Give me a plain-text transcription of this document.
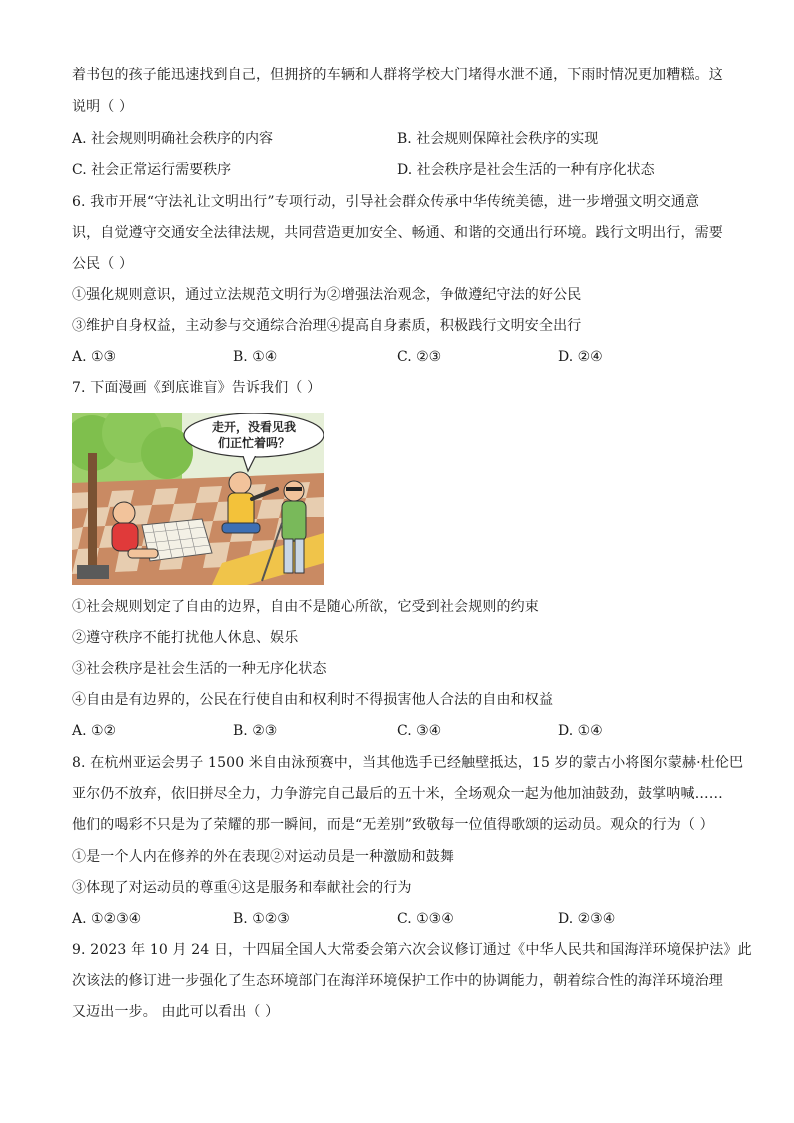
着书包的孩子能迅速找到自己，但拥挤的车辆和人群将学校大门堵得水泄不通，下雨时情况更加糟糕。这
说明（ ）
A. 社会规则明确社会秩序的内容	B. 社会规则保障社会秩序的实现
C. 社会正常运行需要秩序	D. 社会秩序是社会生活的一种有序化状态
6. 我市开展“守法礼让文明出行”专项行动，引导社会群众传承中华传统美德，进一步增强文明交通意
识，自觉遵守交通安全法律法规，共同营造更加安全、畅通、和谐的交通出行环境。践行文明出行，需要
公民（ ）
①强化规则意识，通过立法规范文明行为②增强法治观念，争做遵纪守法的好公民
③维护自身权益，主动参与交通综合治理④提高自身素质，积极践行文明安全出行
A. ①③	B. ①④	C. ②③	D. ②④
7. 下面漫画《到底谁盲》告诉我们（ ）
走开，没看见我
们正忙着吗？
①社会规则划定了自由的边界，自由不是随心所欲，它受到社会规则的约束
②遵守秩序不能打扰他人休息、娱乐
③社会秩序是社会生活的一种无序化状态
④自由是有边界的，公民在行使自由和权利时不得损害他人合法的自由和权益
A. ①②	B. ②③	C. ③④	D. ①④
8. 在杭州亚运会男子 1500 米自由泳预赛中，当其他选手已经触壁抵达，15 岁的蒙古小将图尔蒙赫·杜伦巴
亚尔仍不放弃，依旧拼尽全力，力争游完自己最后的五十米，全场观众一起为他加油鼓劲，鼓掌呐喊……
他们的喝彩不只是为了荣耀的那一瞬间，而是“无差别”致敬每一位值得歌颂的运动员。观众的行为（ ）
①是一个人内在修养的外在表现②对运动员是一种激励和鼓舞
③体现了对运动员的尊重④这是服务和奉献社会的行为
A. ①②③④	B. ①②③	C. ①③④	D. ②③④
9. 2023 年 10 月 24 日，十四届全国人大常委会第六次会议修订通过《中华人民共和国海洋环境保护法》此
次该法的修订进一步强化了生态环境部门在海洋环境保护工作中的协调能力，朝着综合性的海洋环境治理
又迈出一步。 由此可以看出（ ）
